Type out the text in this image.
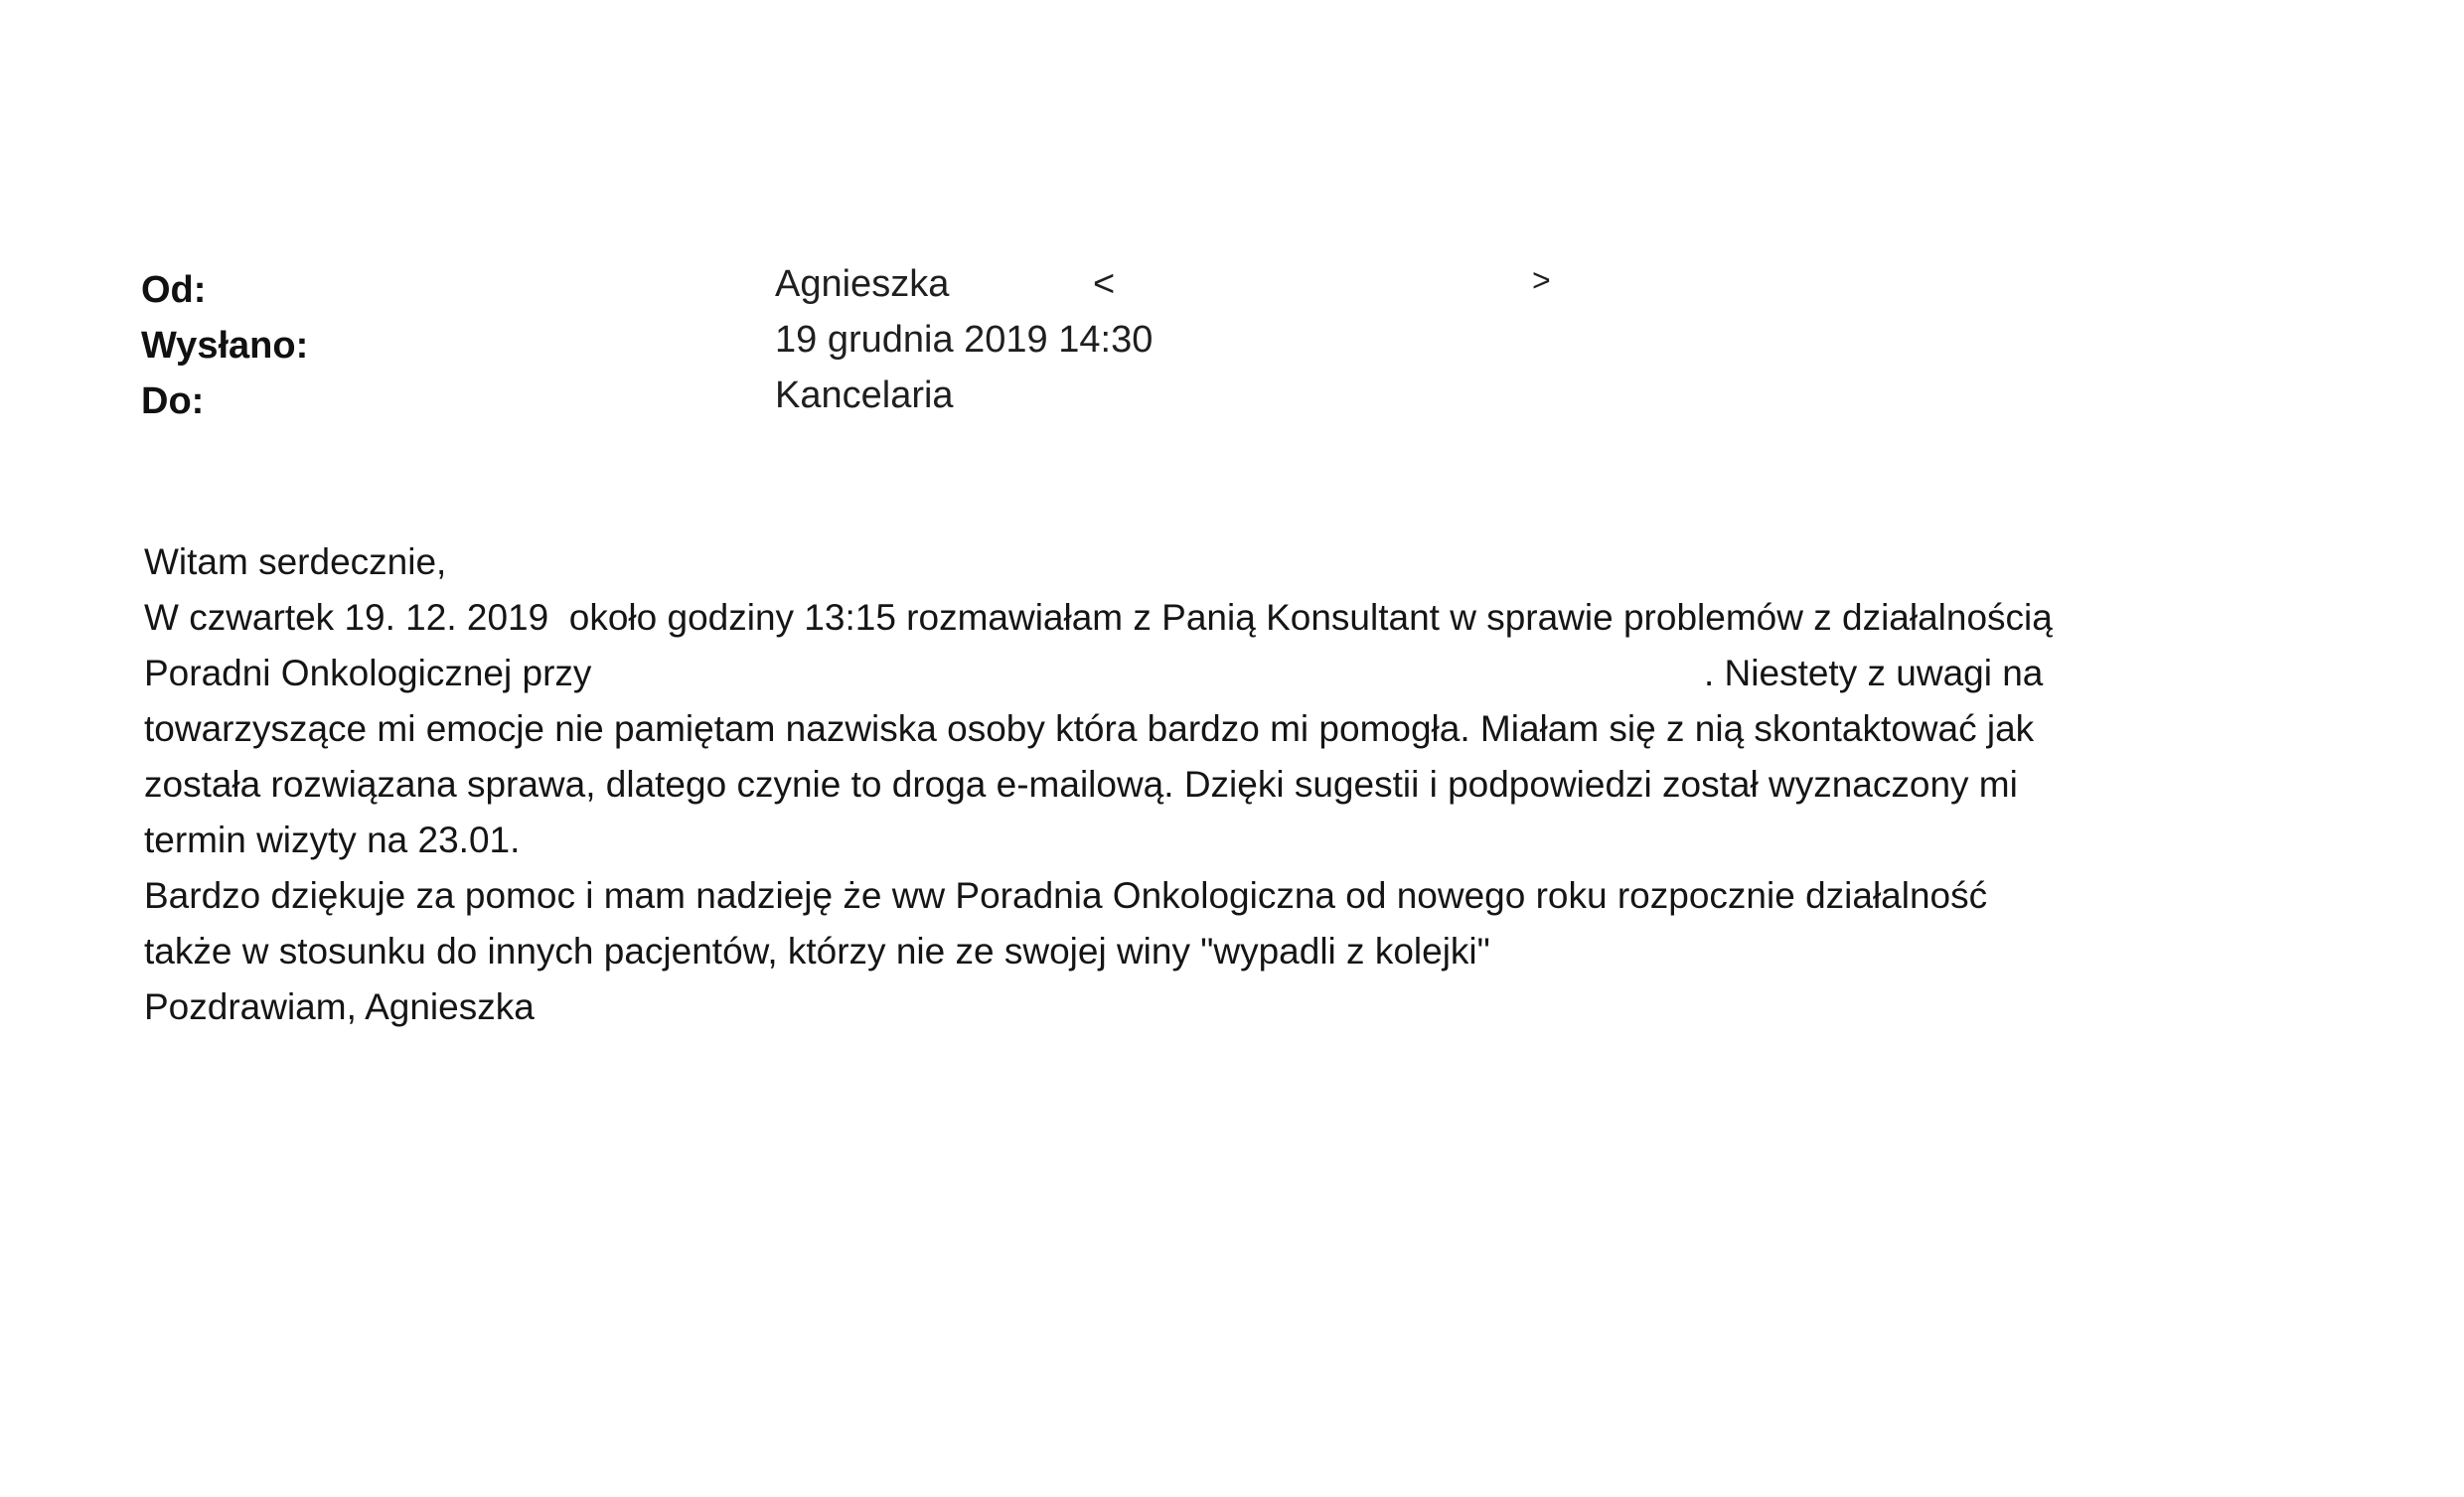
Od:	Agnieszka	<	>
Wysłano:	19 grudnia 2019 14:30
Do:	Kancelaria
Witam serdecznie,
W czwartek 19. 12. 2019  około godziny 13:15 rozmawiałam z Panią Konsultant w sprawie problemów z działalnością
Poradni Onkologicznej przy	. Niestety z uwagi na
towarzyszące mi emocje nie pamiętam nazwiska osoby która bardzo mi pomogła. Miałam się z nią skontaktować jak
została rozwiązana sprawa, dlatego czynie to droga e-mailową. Dzięki sugestii i podpowiedzi został wyznaczony mi
termin wizyty na 23.01.
Bardzo dziękuje za pomoc i mam nadzieję że ww Poradnia Onkologiczna od nowego roku rozpocznie działalność
także w stosunku do innych pacjentów, którzy nie ze swojej winy "wypadli z kolejki"
Pozdrawiam, Agnieszka
